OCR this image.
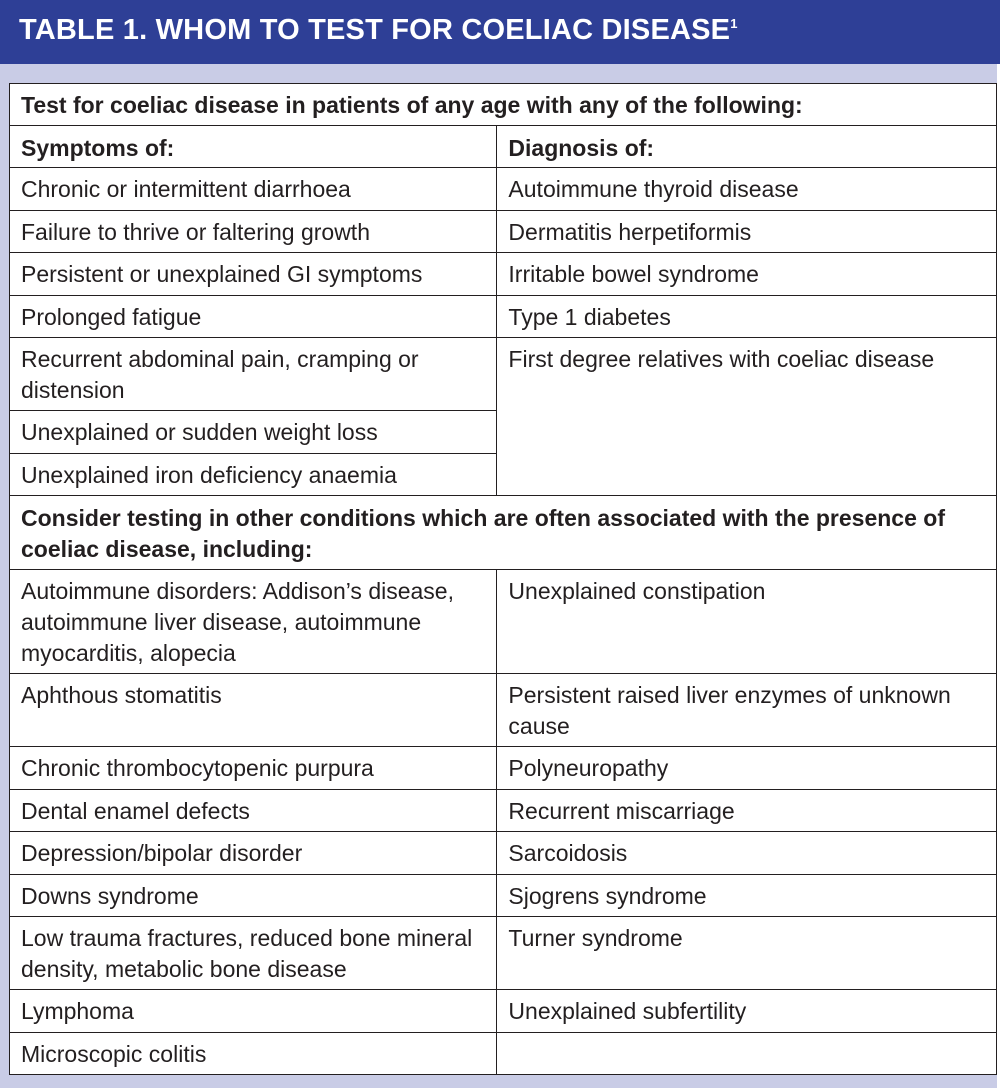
TABLE 1. WHOM TO TEST FOR COELIAC DISEASE$^1$
Test for coeliac disease in patients of any age with any of the following:	
Symptoms of:	Diagnosis of:
Chronic or intermittent diarrhoea	Autoimmune thyroid disease
Failure to thrive or faltering growth	Dermatitis herpetiformis
Persistent or unexplained GI symptoms	Irritable bowel syndrome
Prolonged fatigue	Type 1 diabetes
Recurrent abdominal pain, cramping or distension	First degree relatives with coeliac disease
Unexplained or sudden weight loss	
Unexplained iron deficiency anaemia	
Consider testing in other conditions which are often associated with the presence of coeliac disease, including:	
Autoimmune disorders: Addison’s disease, autoimmune liver disease, autoimmune myocarditis, alopecia	Unexplained constipation
Aphthous stomatitis	Persistent raised liver enzymes of unknown cause
Chronic thrombocytopenic purpura	Polyneuropathy
Dental enamel defects	Recurrent miscarriage
Depression/bipolar disorder	Sarcoidosis
Downs syndrome	Sjogrens syndrome
Low trauma fractures, reduced bone mineral density, metabolic bone disease	Turner syndrome
Lymphoma	Unexplained subfertility
Microscopic colitis	
